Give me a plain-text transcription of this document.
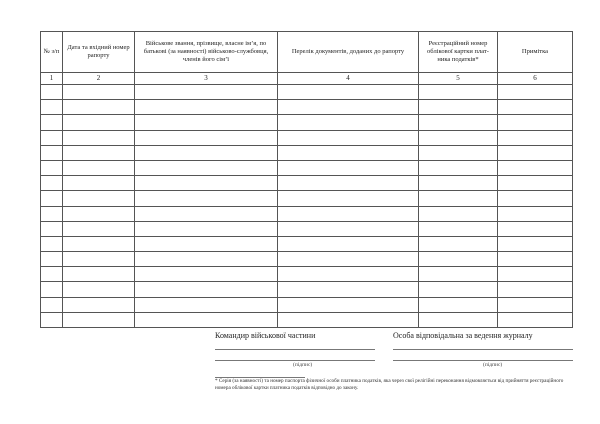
№ з/п	Дата та вхідний номер рапорту	Військове звання, прізвище, власне ім’я, по батькові (за наявності) військово-службовця, членів його сім’ї	Перелік документів, доданих до рапорту	Реєстраційний номер облікової картки плат-ника податків*	Примітка
1	2	3	4	5	6

Командир військової частини
(підпис)
Особа відповідальна за ведення журналу
(підпис)
* Серія (за наявності) та номер паспорта фізичної особи платника податків, яка через свої релігійні переконання відмовляється від прийняття реєстраційного номера облікової картки платника податків відповідно до закону.
